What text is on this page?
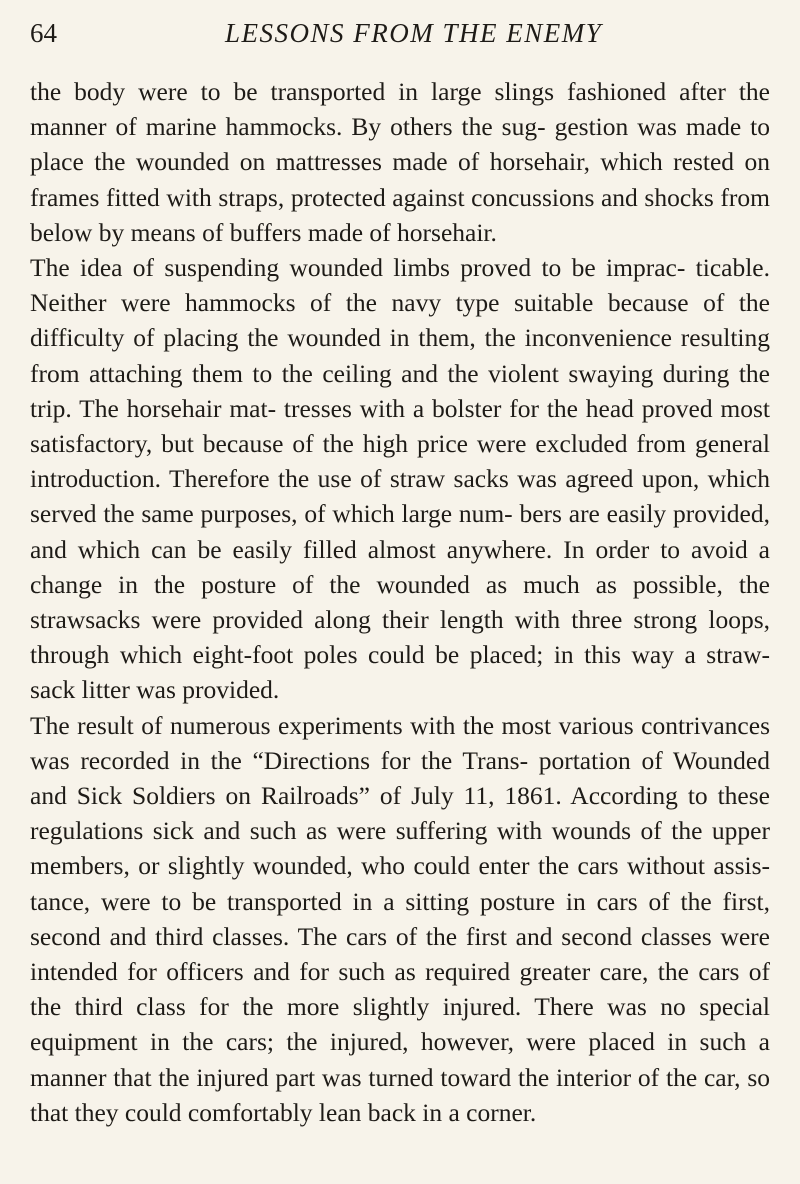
64	LESSONS FROM THE ENEMY

the body were to be transported in large slings fashioned after the manner of marine hammocks. By others the sug- gestion was made to place the wounded on mattresses made of horsehair, which rested on frames fitted with straps, protected against concussions and shocks from below by means of buffers made of horsehair.

The idea of suspending wounded limbs proved to be imprac- ticable. Neither were hammocks of the navy type suitable because of the difficulty of placing the wounded in them, the inconvenience resulting from attaching them to the ceiling and the violent swaying during the trip. The horsehair mat- tresses with a bolster for the head proved most satisfactory, but because of the high price were excluded from general introduction. Therefore the use of straw sacks was agreed upon, which served the same purposes, of which large num- bers are easily provided, and which can be easily filled almost anywhere. In order to avoid a change in the posture of the wounded as much as possible, the strawsacks were provided along their length with three strong loops, through which eight-foot poles could be placed; in this way a straw- sack litter was provided.

The result of numerous experiments with the most various contrivances was recorded in the “Directions for the Trans- portation of Wounded and Sick Soldiers on Railroads” of July 11, 1861. According to these regulations sick and such as were suffering with wounds of the upper members, or slightly wounded, who could enter the cars without assis- tance, were to be transported in a sitting posture in cars of the first, second and third classes. The cars of the first and second classes were intended for officers and for such as required greater care, the cars of the third class for the more slightly injured. There was no special equipment in the cars; the injured, however, were placed in such a manner that the injured part was turned toward the interior of the car, so that they could comfortably lean back in a corner.
